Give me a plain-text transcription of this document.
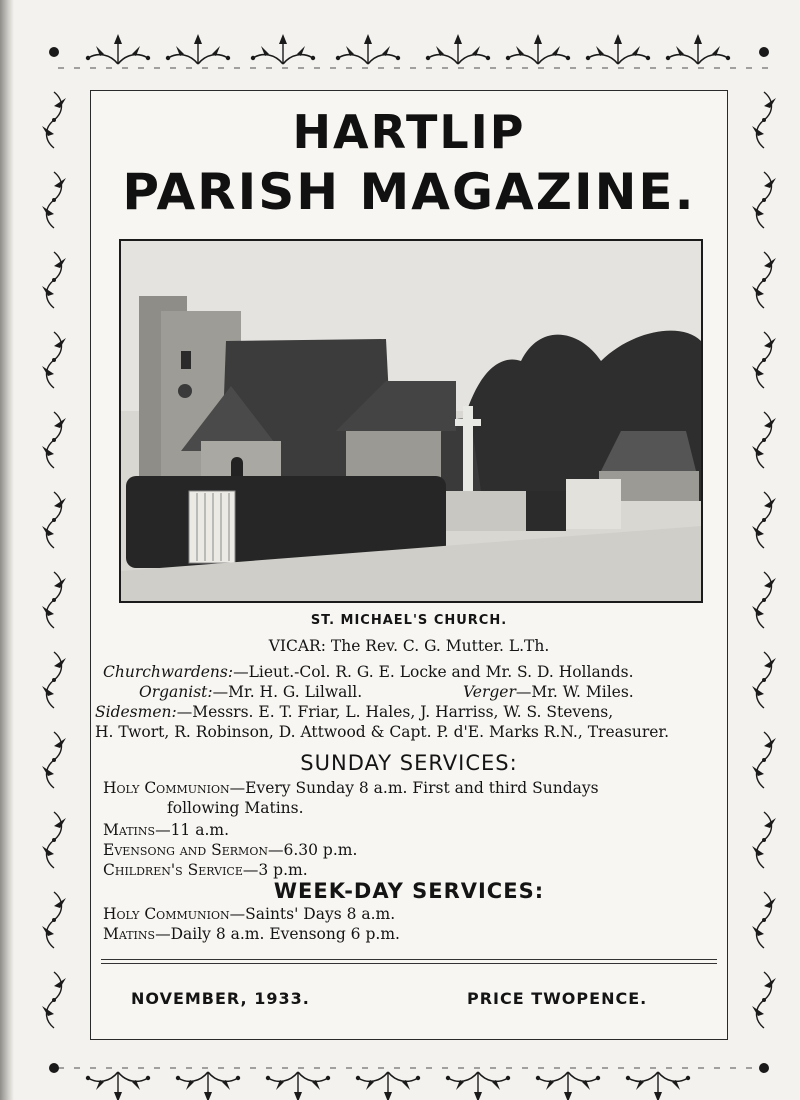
HARTLIP
PARISH MAGAZINE.
ST. MICHAEL'S CHURCH.
VICAR: The Rev. C. G. Mutter. L.Th.
Churchwardens:—Lieut.-Col. R. G. E. Locke and Mr. S. D. Hollands.
Organist:—Mr. H. G. Lilwall.	Verger—Mr. W. Miles.
Sidesmen:—Messrs. E. T. Friar, L. Hales, J. Harriss, W. S. Stevens,
H. Twort, R. Robinson, D. Attwood & Capt. P. d'E. Marks R.N., Treasurer.
SUNDAY SERVICES:
Holy Communion—Every Sunday 8 a.m. First and third Sundays
following Matins.
Matins—11 a.m.
Evensong and Sermon—6.30 p.m.
Children's Service—3 p.m.
WEEK-DAY SERVICES:
Holy Communion—Saints' Days 8 a.m.
Matins—Daily 8 a.m. Evensong 6 p.m.
NOVEMBER, 1933.	PRICE TWOPENCE.
